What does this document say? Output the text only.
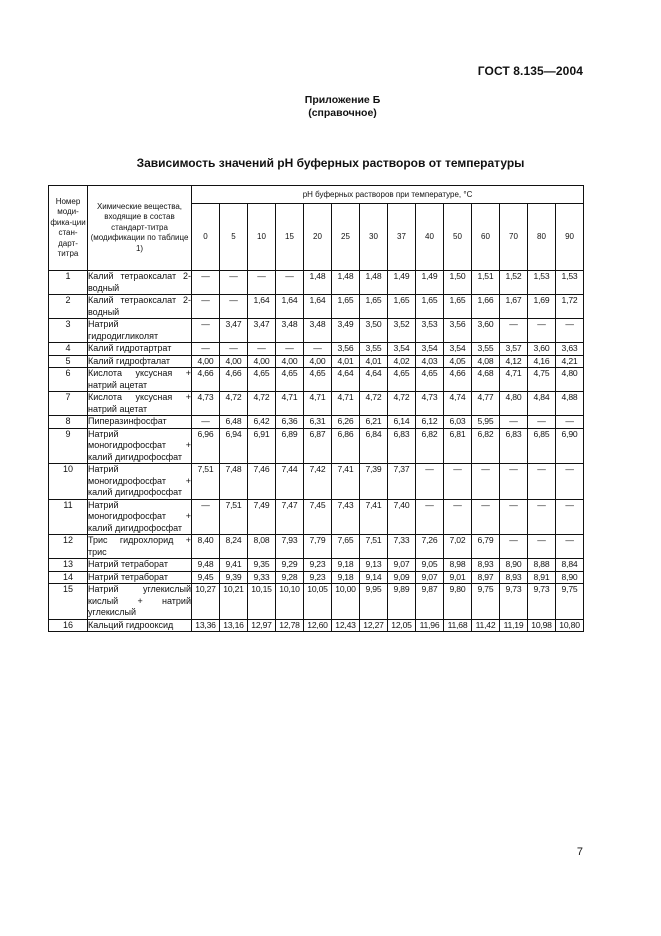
ГОСТ 8.135—2004
Приложение Б
(справочное)
Зависимость значений pH буферных растворов от температуры
Номер моди-фика-ции стан-дарт-титра	Химические вещества, входящие в состав стандарт-титра (модификации по таблице 1)	pH буферных растворов при температуре, °С													
		0	5	10	15	20	25	30	37	40	50	60	70	80	90
1	Калий тетраоксалат 2-водный	—	—	—	—	1,48	1,48	1,48	1,49	1,49	1,50	1,51	1,52	1,53	1,53
2	Калий тетраоксалат 2-водный	—	—	1,64	1,64	1,64	1,65	1,65	1,65	1,65	1,65	1,66	1,67	1,69	1,72
3	Натрий гидродигликолят	—	3,47	3,47	3,48	3,48	3,49	3,50	3,52	3,53	3,56	3,60	—	—	—
4	Калий гидротартрат	—	—	—	—	—	3,56	3,55	3,54	3,54	3,54	3,55	3,57	3,60	3,63
5	Калий гидрофталат	4,00	4,00	4,00	4,00	4,00	4,01	4,01	4,02	4,03	4,05	4,08	4,12	4,16	4,21
6	Кислота уксусная + натрий ацетат	4,66	4,66	4,65	4,65	4,65	4,64	4,64	4,65	4,65	4,66	4,68	4,71	4,75	4,80
7	Кислота уксусная + натрий ацетат	4,73	4,72	4,72	4,71	4,71	4,71	4,72	4,72	4,73	4,74	4,77	4,80	4,84	4,88
8	Пиперазинфосфат	—	6,48	6,42	6,36	6,31	6,26	6,21	6,14	6,12	6,03	5,95	—	—	—
9	Натрий моногидрофосфат + калий дигидрофосфат	6,96	6,94	6,91	6,89	6,87	6,86	6,84	6,83	6,82	6,81	6,82	6,83	6,85	6,90
10	Натрий моногидрофосфат + калий дигидрофосфат	7,51	7,48	7,46	7,44	7,42	7,41	7,39	7,37	—	—	—	—	—	—
11	Натрий моногидрофосфат + калий дигидрофосфат	—	7,51	7,49	7,47	7,45	7,43	7,41	7,40	—	—	—	—	—	—
12	Трис гидрохлорид + трис	8,40	8,24	8,08	7,93	7,79	7,65	7,51	7,33	7,26	7,02	6,79	—	—	—
13	Натрий тетраборат	9,48	9,41	9,35	9,29	9,23	9,18	9,13	9,07	9,05	8,98	8,93	8,90	8,88	8,84
14	Натрий тетраборат	9,45	9,39	9,33	9,28	9,23	9,18	9,14	9,09	9,07	9,01	8,97	8,93	8,91	8,90
15	Натрий углекислый кислый + натрий углекислый	10,27	10,21	10,15	10,10	10,05	10,00	9,95	9,89	9,87	9,80	9,75	9,73	9,73	9,75
16	Кальций гидрооксид	13,36	13,16	12,97	12,78	12,60	12,43	12,27	12,05	11,96	11,68	11,42	11,19	10,98	10,80
7
